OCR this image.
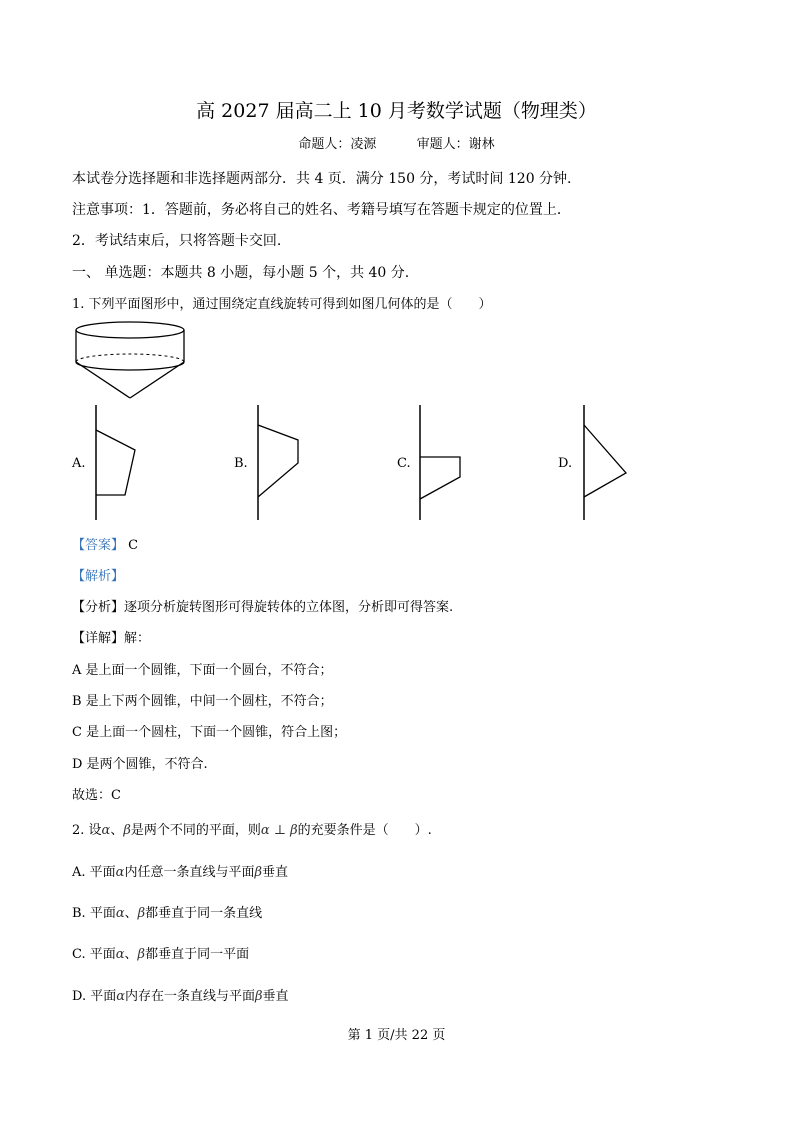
高 2027 届高二上 10 月考数学试题（物理类）
命题人：凌源	审题人：谢林
本试卷分选择题和非选择题两部分．共 4 页．满分 150 分，考试时间 120 分钟.
注意事项：1．答题前，务必将自己的姓名、考籍号填写在答题卡规定的位置上．
2．考试结束后，只将答题卡交回.
一、 单选题：本题共 8 小题，每小题 5 个，共 40 分.
1. 下列平面图形中，通过围绕定直线旋转可得到如图几何体的是（　　）
A.	B.	C.	D.
【答案】 C
【解析】
【分析】逐项分析旋转图形可得旋转体的立体图，分析即可得答案.
【详解】解：
A 是上面一个圆锥，下面一个圆台，不符合；
B 是上下两个圆锥，中间一个圆柱，不符合；
C 是上面一个圆柱，下面一个圆锥，符合上图；
D 是两个圆锥，不符合.
故选：C
2. 设α、β是两个不同的平面，则α ⊥ β的充要条件是（　　）.
A. 平面α内任意一条直线与平面β垂直
B. 平面α、β都垂直于同一条直线
C. 平面α、β都垂直于同一平面
D. 平面α内存在一条直线与平面β垂直
第 1 页/共 22 页
